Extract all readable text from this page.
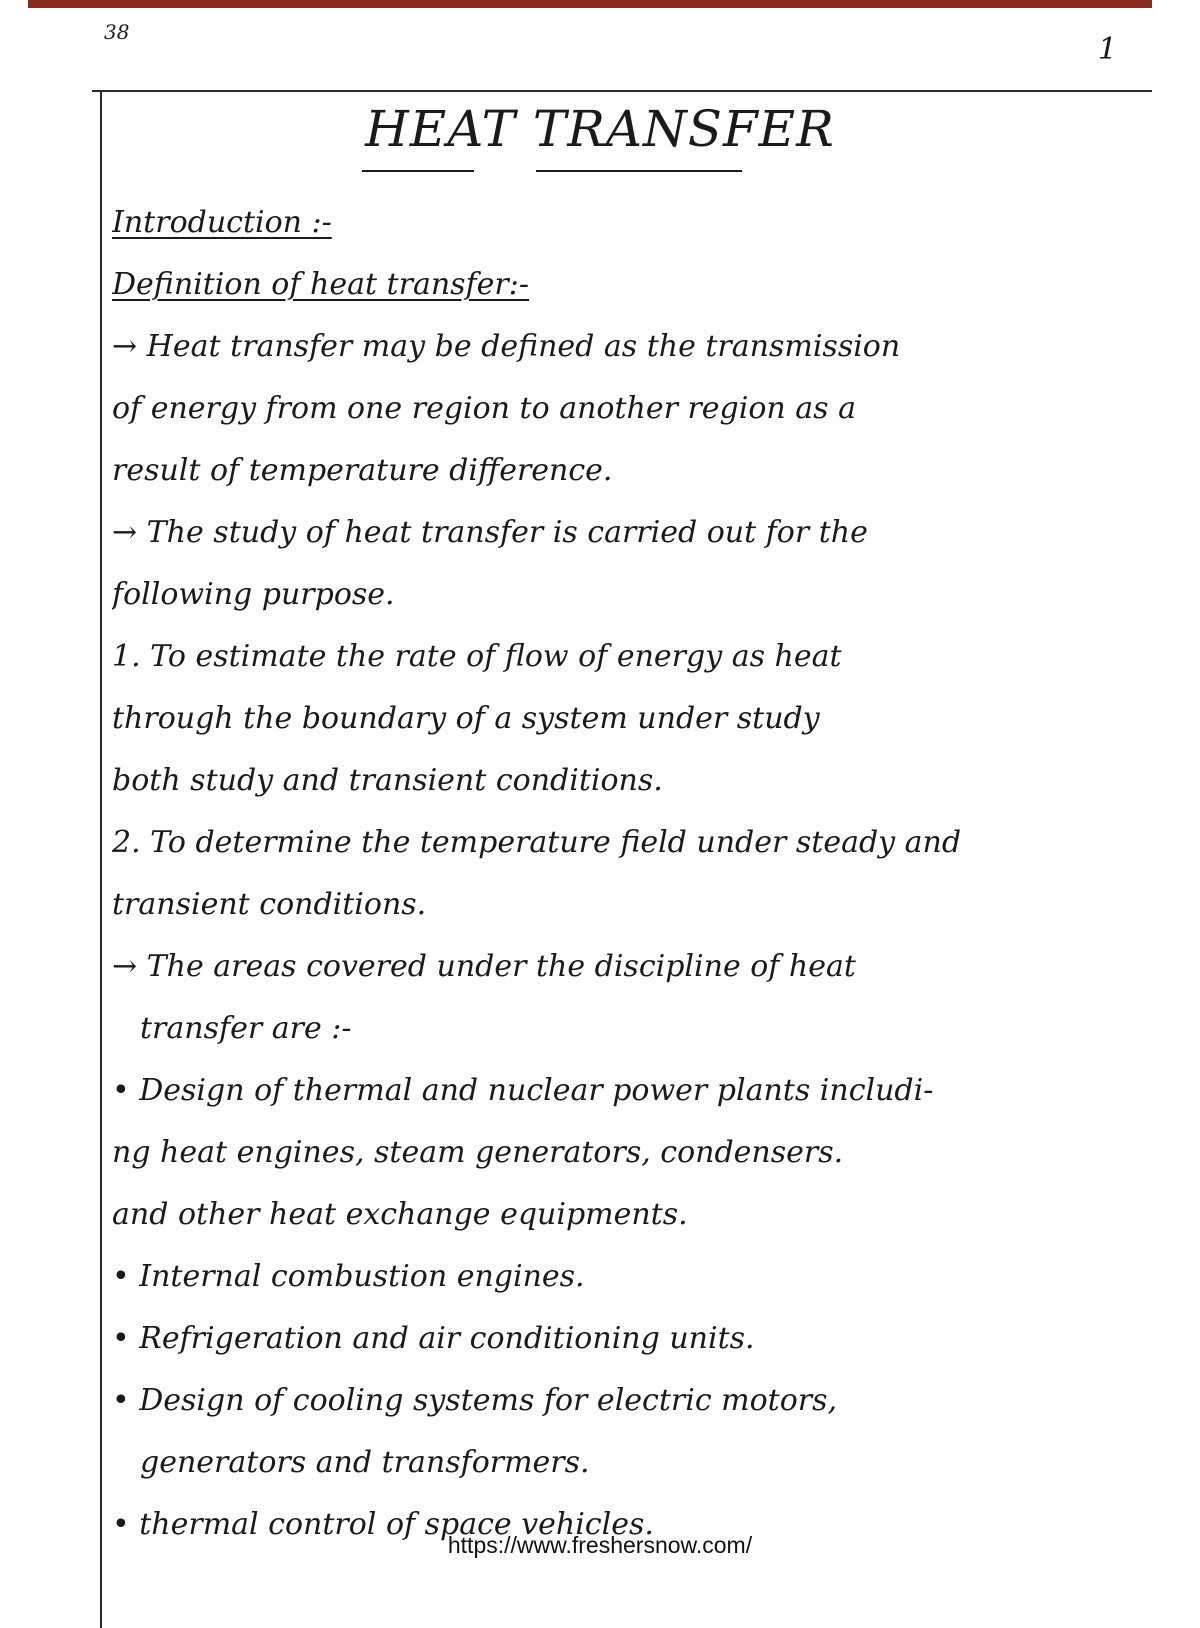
38	1
HEAT TRANSFER
Introduction :-
Definition of heat transfer:-
→ Heat transfer may be defined as the transmission
of energy from one region to another region as a
result of temperature difference.
→ The study of heat transfer is carried out for the
following purpose.
1. To estimate the rate of flow of energy as heat
through the boundary of a system under study
both study and transient conditions.
2. To determine the temperature field under steady and
transient conditions.
→ The areas covered under the discipline of heat
transfer are :-
• Design of thermal and nuclear power plants includi-
ng heat engines, steam generators, condensers.
and other heat exchange equipments.
• Internal combustion engines.
• Refrigeration and air conditioning units.
• Design of cooling systems for electric motors,
generators and transformers.
• thermal control of space vehicles.
https://www.freshersnow.com/
